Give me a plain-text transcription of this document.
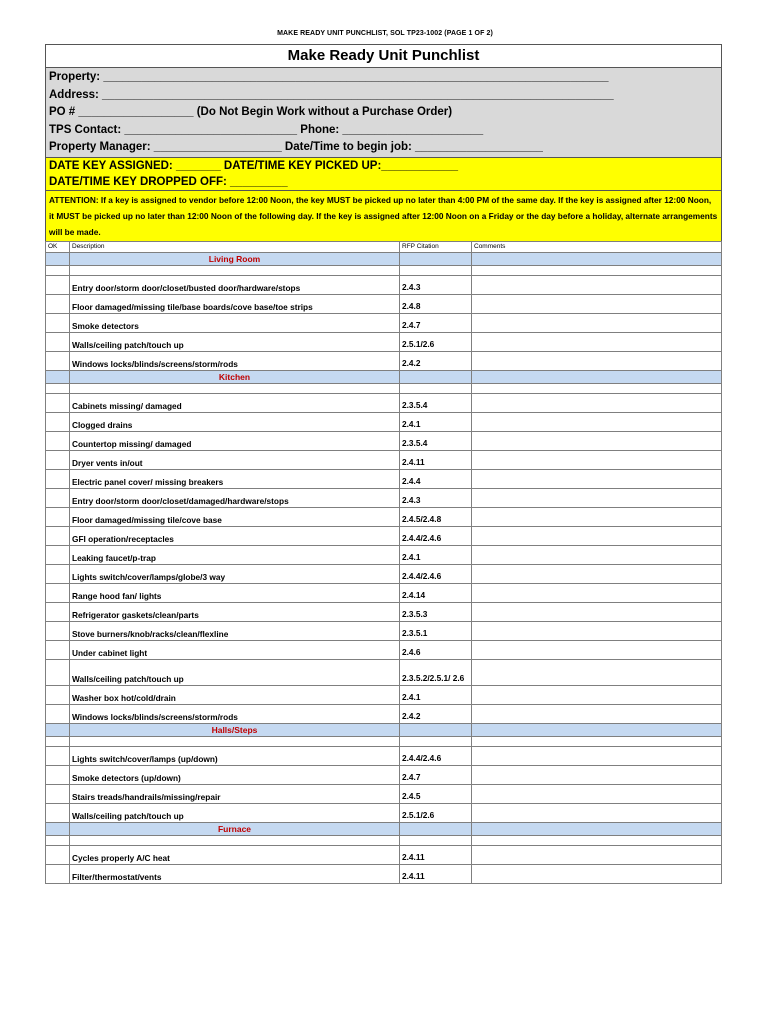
MAKE READY UNIT PUNCHLIST, SOL TP23-1002 (PAGE 1 OF 2)
Make Ready Unit Punchlist
Property: _______________________________________________________________________________
Address: ________________________________________________________________________________
PO # __________________ (Do Not Begin Work without a Purchase Order)
TPS Contact: ___________________________ Phone: ______________________
Property Manager: ____________________ Date/Time to begin job: ____________________
DATE KEY ASSIGNED: _______ DATE/TIME KEY PICKED UP:____________
DATE/TIME KEY DROPPED OFF: _________
ATTENTION: If a key is assigned to vendor before 12:00 Noon, the key MUST be picked up no later than 4:00 PM of the same day. If the key is assigned after 12:00 Noon, it MUST be picked up no later than 12:00 Noon of the following day. If the key is assigned after 12:00 Noon on a Friday or the day before a holiday, alternate arrangements will be made.
OK	Description	RFP Citation	Comments
	Living Room		

	Entry door/storm door/closet/busted door/hardware/stops	2.4.3	
	Floor damaged/missing tile/base boards/cove base/toe strips	2.4.8	
	Smoke detectors	2.4.7	
	Walls/ceiling patch/touch up	2.5.1/2.6	
	Windows locks/blinds/screens/storm/rods	2.4.2	
	Kitchen		

	Cabinets missing/ damaged	2.3.5.4	
	Clogged drains	2.4.1	
	Countertop missing/ damaged	2.3.5.4	
	Dryer vents in/out	2.4.11	
	Electric panel cover/ missing breakers	2.4.4	
	Entry door/storm door/closet/damaged/hardware/stops	2.4.3	
	Floor damaged/missing tile/cove base	2.4.5/2.4.8	
	GFI operation/receptacles	2.4.4/2.4.6	
	Leaking faucet/p-trap	2.4.1	
	Lights switch/cover/lamps/globe/3 way	2.4.4/2.4.6	
	Range hood fan/ lights	2.4.14	
	Refrigerator gaskets/clean/parts	2.3.5.3	
	Stove burners/knob/racks/clean/flexline	2.3.5.1	
	Under cabinet light	2.4.6	
	Walls/ceiling patch/touch up	2.3.5.2/2.5.1/ 2.6	
	Washer box hot/cold/drain	2.4.1	
	Windows locks/blinds/screens/storm/rods	2.4.2	
	Halls/Steps		

	Lights switch/cover/lamps (up/down)	2.4.4/2.4.6	
	Smoke detectors (up/down)	2.4.7	
	Stairs treads/handrails/missing/repair	2.4.5	
	Walls/ceiling patch/touch up	2.5.1/2.6	
	Furnace		

	Cycles properly A/C heat	2.4.11	
	Filter/thermostat/vents	2.4.11	
